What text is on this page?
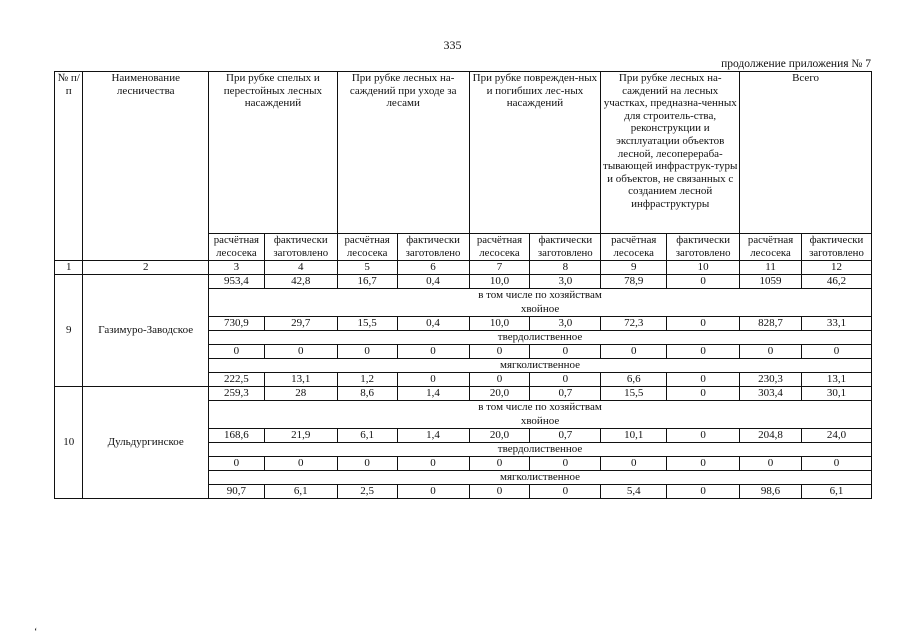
335
продолжение приложения № 7
№ п/п	Наименование лесничества	При рубке спелых и перестойных лесных насаждений		При рубке лесных на-саждений при уходе за лесами		При рубке поврежден-ных и погибших лес-ных насаждений		При рубке лесных на-саждений на лесных участках, предназна-ченных для строитель-ства, реконструкции и эксплуатации объектов лесной, лесоперераба-тывающей инфраструк-туры и объектов, не связанных с созданием лесной инфраструктуры		Всего	
		расчётная лесосека	фактически заготовлено	расчётная лесосека	фактически заготовлено	расчётная лесосека	фактически заготовлено	расчётная лесосека	фактически заготовлено	расчётная лесосека	фактически заготовлено
1	2	3	4	5	6	7	8	9	10	11	12
9	Газимуро-Заводское	953,4	42,8	16,7	0,4	10,0	3,0	78,9	0	1059	46,2
		в том числе по хозяйствам									
		хвойное									
		730,9	29,7	15,5	0,4	10,0	3,0	72,3	0	828,7	33,1
		твердолиственное									
		0	0	0	0	0	0	0	0	0	0
		мягколиственное									
		222,5	13,1	1,2	0	0	0	6,6	0	230,3	13,1
10	Дульдургинское	259,3	28	8,6	1,4	20,0	0,7	15,5	0	303,4	30,1
		в том числе по хозяйствам									
		хвойное									
		168,6	21,9	6,1	1,4	20,0	0,7	10,1	0	204,8	24,0
		твердолиственное									
		0	0	0	0	0	0	0	0	0	0
		мягколиственное									
		90,7	6,1	2,5	0	0	0	5,4	0	98,6	6,1
‘
